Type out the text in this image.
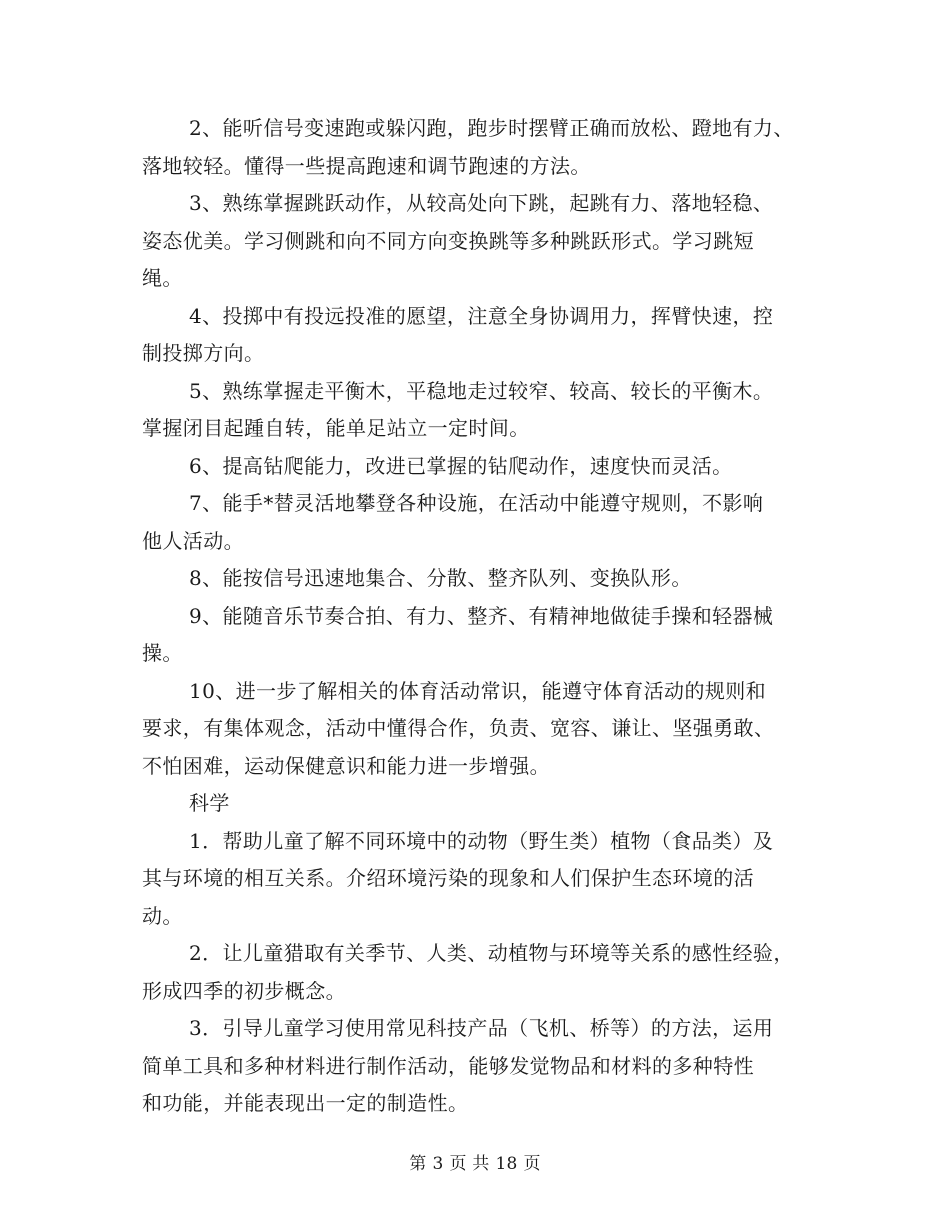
2、能听信号变速跑或躲闪跑，跑步时摆臂正确而放松、蹬地有力、
落地较轻。懂得一些提高跑速和调节跑速的方法。

3、熟练掌握跳跃动作，从较高处向下跳，起跳有力、落地轻稳、
姿态优美。学习侧跳和向不同方向变换跳等多种跳跃形式。学习跳短
绳。

4、投掷中有投远投准的愿望，注意全身协调用力，挥臂快速，控
制投掷方向。

5、熟练掌握走平衡木，平稳地走过较窄、较高、较长的平衡木。
掌握闭目起踵自转，能单足站立一定时间。

6、提高钻爬能力，改进已掌握的钻爬动作，速度快而灵活。

7、能手*替灵活地攀登各种设施，在活动中能遵守规则，不影响
他人活动。

8、能按信号迅速地集合、分散、整齐队列、变换队形。

9、能随音乐节奏合拍、有力、整齐、有精神地做徒手操和轻器械
操。

10、进一步了解相关的体育活动常识，能遵守体育活动的规则和
要求，有集体观念，活动中懂得合作，负责、宽容、谦让、坚强勇敢、
不怕困难，运动保健意识和能力进一步增强。

科学

1．帮助儿童了解不同环境中的动物（野生类）植物（食品类）及
其与环境的相互关系。介绍环境污染的现象和人们保护生态环境的活
动。

2．让儿童猎取有关季节、人类、动植物与环境等关系的感性经验，
形成四季的初步概念。

3．引导儿童学习使用常见科技产品（飞机、桥等）的方法，运用
简单工具和多种材料进行制作活动，能够发觉物品和材料的多种特性
和功能，并能表现出一定的制造性。

第 3 页 共 18 页
